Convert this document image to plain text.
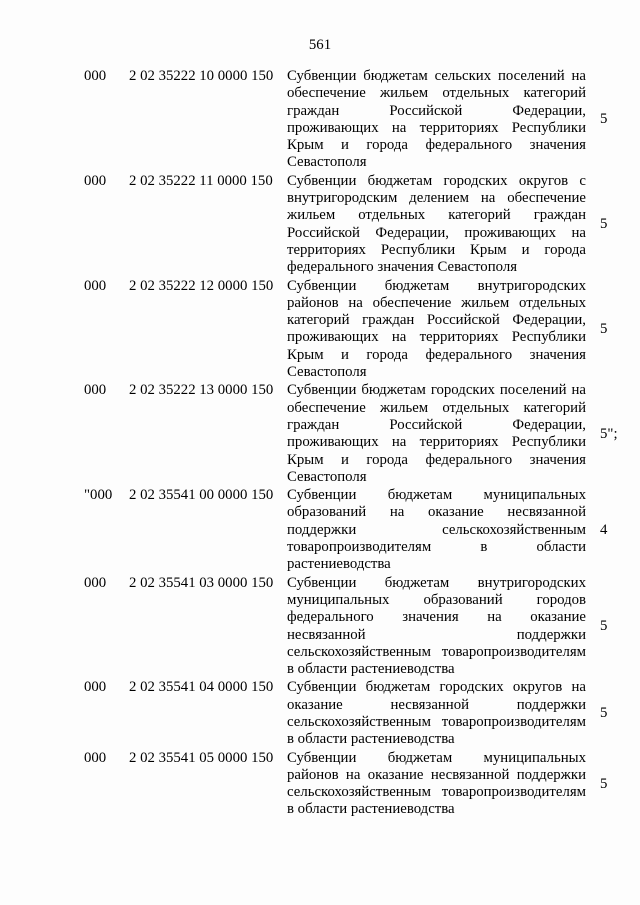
561
000 2 02 35222 10 0000 150 Субвенции бюджетам сельских поселений на обеспечение жильем отдельных категорий граждан Российской Федерации, проживающих на территориях Республики Крым и города федерального значения Севастополя
5
000 2 02 35222 11 0000 150 Субвенции бюджетам городских округов с внутригородским делением на обеспечение жильем отдельных категорий граждан Российской Федерации, проживающих на территориях Республики Крым и города федерального значения Севастополя
5
000 2 02 35222 12 0000 150 Субвенции бюджетам внутригородских районов на обеспечение жильем отдельных категорий граждан Российской Федерации, проживающих на территориях Республики Крым и города федерального значения Севастополя
5
000 2 02 35222 13 0000 150 Субвенции бюджетам городских поселений на обеспечение жильем отдельных категорий граждан Российской Федерации, проживающих на территориях Республики Крым и города федерального значения Севастополя
5";
"000 2 02 35541 00 0000 150 Субвенции бюджетам муниципальных образований на оказание несвязанной поддержки сельскохозяйственным товаропроизводителям в области растениеводства
4
000 2 02 35541 03 0000 150 Субвенции бюджетам внутригородских муниципальных образований городов федерального значения на оказание несвязанной поддержки сельскохозяйственным товаропроизводителям в области растениеводства
5
000 2 02 35541 04 0000 150 Субвенции бюджетам городских округов на оказание несвязанной поддержки сельскохозяйственным товаропроизводителям в области растениеводства
5
000 2 02 35541 05 0000 150 Субвенции бюджетам муниципальных районов на оказание несвязанной поддержки сельскохозяйственным товаропроизводителям в области растениеводства
5
